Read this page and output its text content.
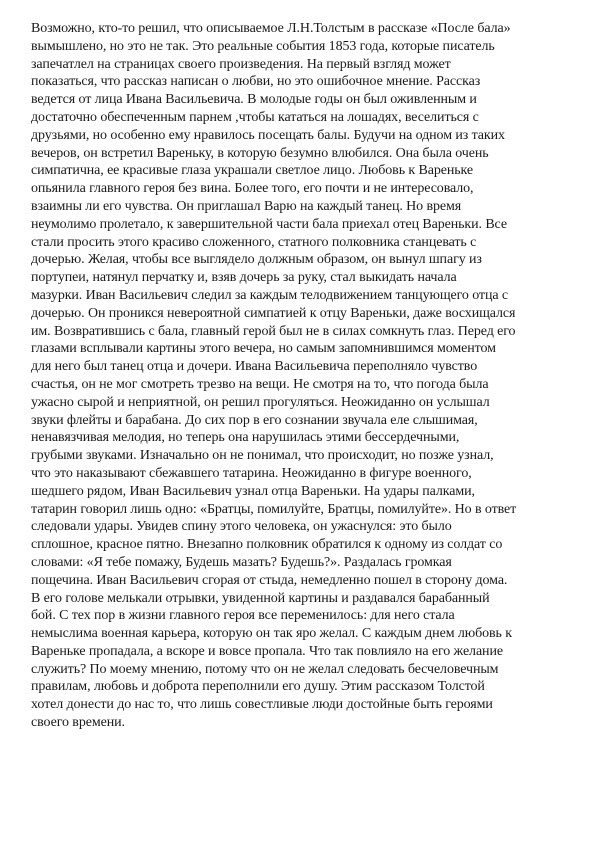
Возможно, кто-то решил, что описываемое Л.Н.Толстым в рассказе «После бала»
вымышлено, но это не так. Это реальные события 1853 года, которые писатель
запечатлел на страницах своего произведения. На первый взгляд может
показаться, что рассказ написан о любви, но это ошибочное мнение. Рассказ
ведется от лица Ивана Васильевича. В молодые годы он был оживленным и
достаточно обеспеченным парнем ,чтобы кататься на лошадях, веселиться с
друзьями, но особенно ему нравилось посещать балы. Будучи на одном из таких
вечеров, он встретил Вареньку, в которую безумно влюбился. Она была очень
симпатична, ее красивые глаза украшали светлое лицо. Любовь к Вареньке
опьянила главного героя без вина. Более того, его почти и не интересовало,
взаимны ли его чувства. Он приглашал Варю на каждый танец. Но время
неумолимо пролетало, к завершительной части бала приехал отец Вареньки. Все
стали просить этого красиво сложенного, статного полковника станцевать с
дочерью. Желая, чтобы все выглядело должным образом, он вынул шпагу из
портупеи, натянул перчатку и, взяв дочерь за руку, стал выкидать начала
мазурки. Иван Васильевич следил за каждым телодвижением танцующего отца с
дочерью. Он проникся невероятной симпатией к отцу Вареньки, даже восхищался
им. Возвратившись с бала, главный герой был не в силах сомкнуть глаз. Перед его
глазами всплывали картины этого вечера, но самым запомнившимся моментом
для него был танец отца и дочери. Ивана Васильевича переполняло чувство
счастья, он не мог смотреть трезво на вещи. Не смотря на то, что погода была
ужасно сырой и неприятной, он решил прогуляться. Неожиданно он услышал
звуки флейты и барабана. До сих пор в его сознании звучала еле слышимая,
ненавязчивая мелодия, но теперь она нарушилась этими бессердечными,
грубыми звуками. Изначально он не понимал, что происходит, но позже узнал,
что это наказывают сбежавшего татарина. Неожиданно в фигуре военного,
шедшего рядом, Иван Васильевич узнал отца Вареньки. На удары палками,
татарин говорил лишь одно: «Братцы, помилуйте, Братцы, помилуйте». Но в ответ
следовали удары. Увидев спину этого человека, он ужаснулся: это было
сплошное, красное пятно. Внезапно полковник обратился к одному из солдат со
словами: «Я тебе помажу, Будешь мазать? Будешь?». Раздалась громкая
пощечина. Иван Васильевич сгорая от стыда, немедленно пошел в сторону дома.
В его голове мелькали отрывки, увиденной картины и раздавался барабанный
бой. С тех пор в жизни главного героя все переменилось: для него стала
немыслима военная карьера, которую он так яро желал. С каждым днем любовь к
Вареньке пропадала, а вскоре и вовсе пропала. Что так повлияло на его желание
служить? По моему мнению, потому что он не желал следовать бесчеловечным
правилам, любовь и доброта переполнили его душу. Этим рассказом Толстой
хотел донести до нас то, что лишь совестливые люди достойные быть героями
своего времени.
